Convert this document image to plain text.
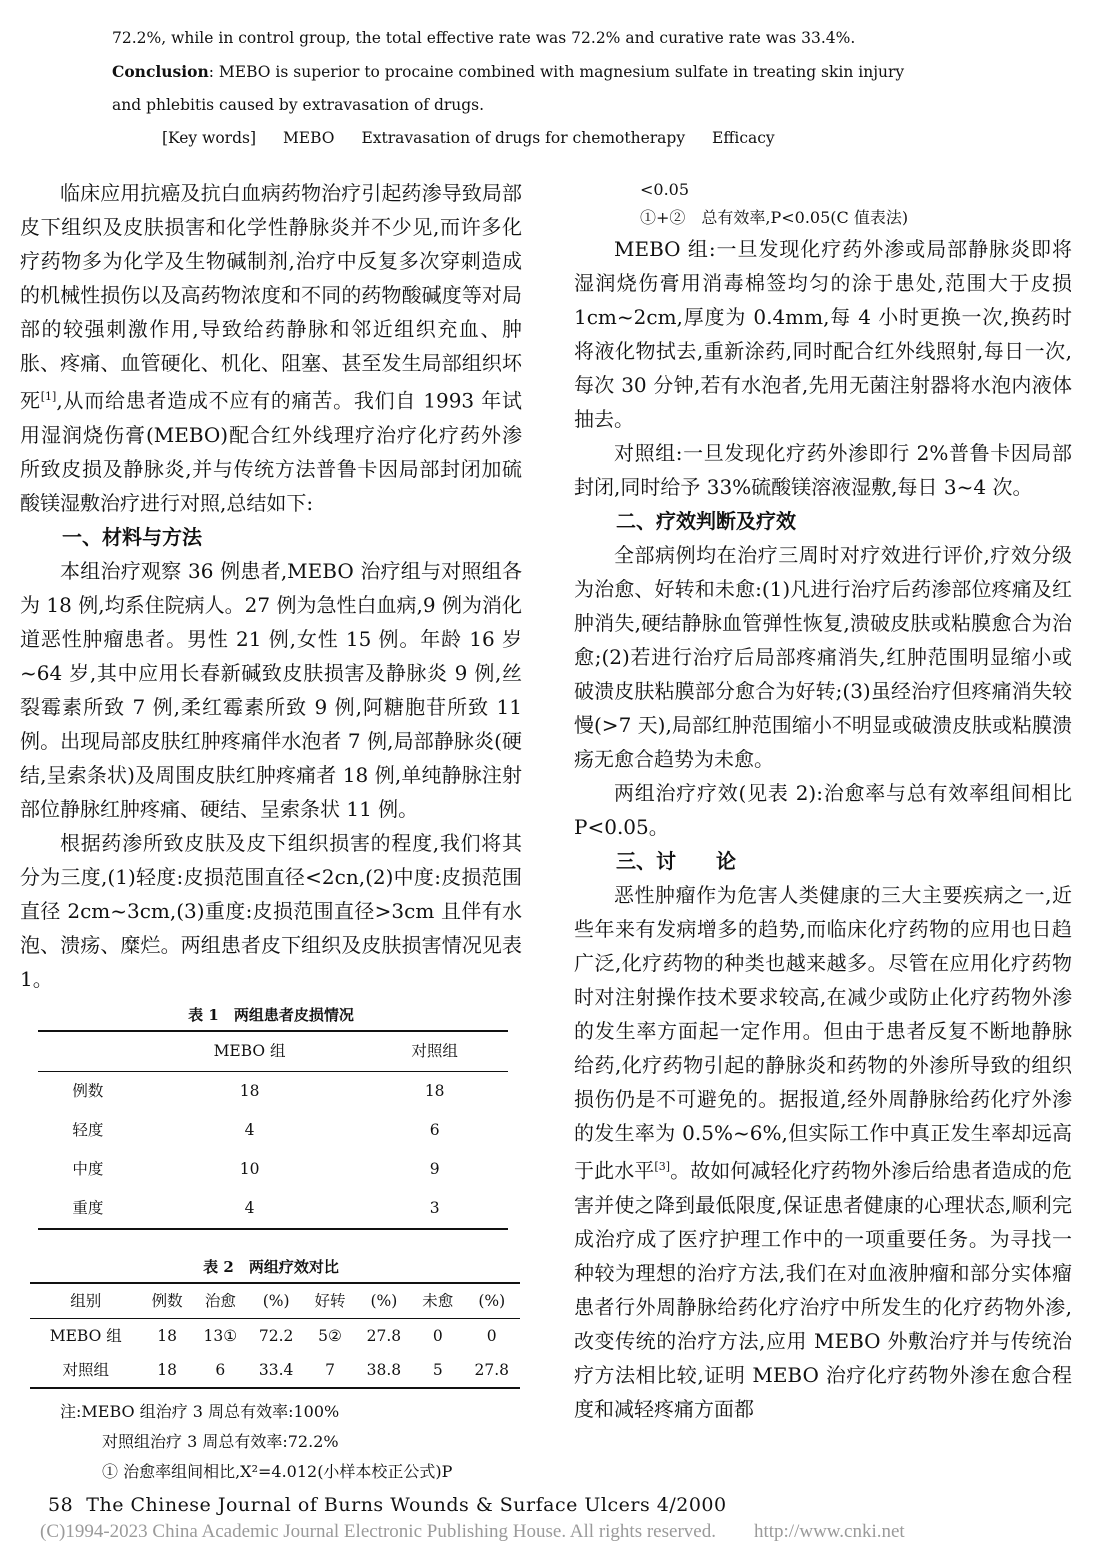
72.2%, while in control group, the total effective rate was 72.2% and curative rate was 33.4%.

Conclusion: MEBO is superior to procaine combined with magnesium sulfate in treating skin injury

and phlebitis caused by extravasation of drugs.

[Key words] MEBO Extravasation of drugs for chemotherapy Efficacy

临床应用抗癌及抗白血病药物治疗引起药渗导致局部皮下组织及皮肤损害和化学性静脉炎并不少见,而许多化疗药物多为化学及生物碱制剂,治疗中反复多次穿刺造成的机械性损伤以及高药物浓度和不同的药物酸碱度等对局部的较强刺激作用,导致给药静脉和邻近组织充血、肿胀、疼痛、血管硬化、机化、阻塞、甚至发生局部组织坏死[1],从而给患者造成不应有的痛苦。我们自 1993 年试用湿润烧伤膏(MEBO)配合红外线理疗治疗化疗药外渗所致皮损及静脉炎,并与传统方法普鲁卡因局部封闭加硫酸镁湿敷治疗进行对照,总结如下:

一、材料与方法

本组治疗观察 36 例患者,MEBO 治疗组与对照组各为 18 例,均系住院病人。27 例为急性白血病,9 例为消化道恶性肿瘤患者。男性 21 例,女性 15 例。年龄 16 岁~64 岁,其中应用长春新碱致皮肤损害及静脉炎 9 例,丝裂霉素所致 7 例,柔红霉素所致 9 例,阿糖胞苷所致 11 例。出现局部皮肤红肿疼痛伴水泡者 7 例,局部静脉炎(硬结,呈索条状)及周围皮肤红肿疼痛者 18 例,单纯静脉注射部位静脉红肿疼痛、硬结、呈索条状 11 例。

根据药渗所致皮肤及皮下组织损害的程度,我们将其分为三度,(1)轻度:皮损范围直径<2cn,(2)中度:皮损范围直径 2cm~3cm,(3)重度:皮损范围直径>3cm 且伴有水泡、溃疡、糜烂。两组患者皮下组织及皮肤损害情况见表 1。

表 1　两组患者皮损情况
	MEBO 组	对照组
例数	18	18
轻度	4	6
中度	10	9
重度	4	3
表 2　两组疗效对比
组别	例数	治愈	(%)	好转	(%)	未愈	(%)
MEBO 组	18	13①	72.2	5②	27.8	0	0
对照组	18	6	33.4	7	38.8	5	27.8
注:MEBO 组治疗 3 周总有效率:100%
对照组治疗 3 周总有效率:72.2%
① 治愈率组间相比,X²=4.012(小样本校正公式)P
<0.05
①+②　总有效率,P<0.05(C 值表法)

MEBO 组:一旦发现化疗药外渗或局部静脉炎即将湿润烧伤膏用消毒棉签均匀的涂于患处,范围大于皮损 1cm~2cm,厚度为 0.4mm,每 4 小时更换一次,换药时将液化物拭去,重新涂药,同时配合红外线照射,每日一次,每次 30 分钟,若有水泡者,先用无菌注射器将水泡内液体抽去。

对照组:一旦发现化疗药外渗即行 2%普鲁卡因局部封闭,同时给予 33%硫酸镁溶液湿敷,每日 3~4 次。

二、疗效判断及疗效

全部病例均在治疗三周时对疗效进行评价,疗效分级为治愈、好转和未愈:(1)凡进行治疗后药渗部位疼痛及红肿消失,硬结静脉血管弹性恢复,溃破皮肤或粘膜愈合为治愈;(2)若进行治疗后局部疼痛消失,红肿范围明显缩小或破溃皮肤粘膜部分愈合为好转;(3)虽经治疗但疼痛消失较慢(>7 天),局部红肿范围缩小不明显或破溃皮肤或粘膜溃疡无愈合趋势为未愈。

两组治疗疗效(见表 2):治愈率与总有效率组间相比 P<0.05。

三、讨　　论

恶性肿瘤作为危害人类健康的三大主要疾病之一,近些年来有发病增多的趋势,而临床化疗药物的应用也日趋广泛,化疗药物的种类也越来越多。尽管在应用化疗药物时对注射操作技术要求较高,在减少或防止化疗药物外渗的发生率方面起一定作用。但由于患者反复不断地静脉给药,化疗药物引起的静脉炎和药物的外渗所导致的组织损伤仍是不可避免的。据报道,经外周静脉给药化疗外渗的发生率为 0.5%~6%,但实际工作中真正发生率却远高于此水平[3]。故如何减轻化疗药物外渗后给患者造成的危害并使之降到最低限度,保证患者健康的心理状态,顺利完成治疗成了医疗护理工作中的一项重要任务。为寻找一种较为理想的治疗方法,我们在对血液肿瘤和部分实体瘤患者行外周静脉给药化疗治疗中所发生的化疗药物外渗,改变传统的治疗方法,应用 MEBO 外敷治疗并与传统治疗方法相比较,证明 MEBO 治疗化疗药物外渗在愈合程度和减轻疼痛方面都

58 The Chinese Journal of Burns Wounds & Surface Ulcers 4/2000
(C)1994-2023 China Academic Journal Electronic Publishing House. All rights reserved.　　http://www.cnki.net
